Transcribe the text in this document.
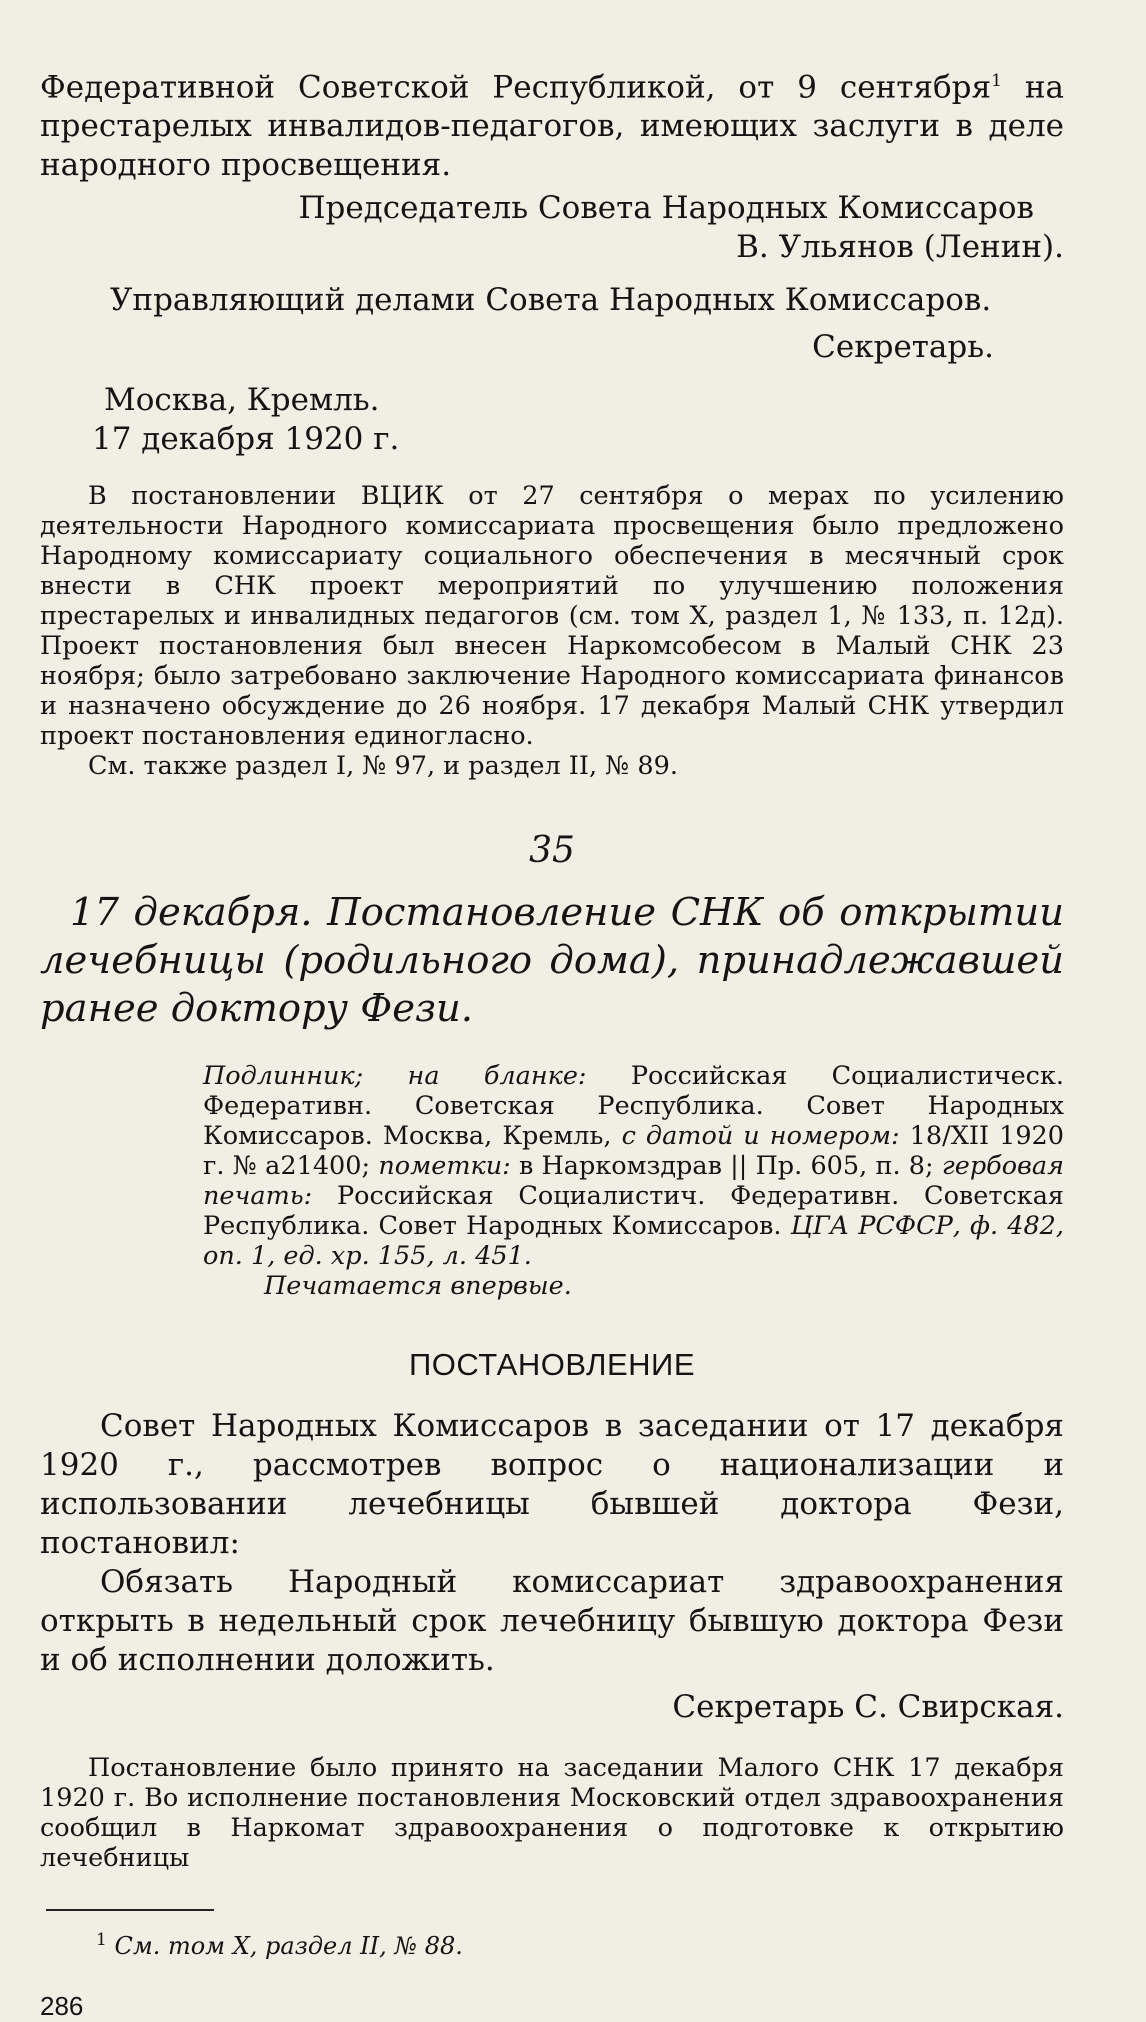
Федеративной Советской Республикой, от 9 сентября$^1$ на престарелых инвалидов-педагогов, имеющих заслуги в деле народного просвещения.

Председатель Совета Народных Комиссаров

В. Ульянов (Ленин).

Управляющий делами Совета Народных Комиссаров.

Секретарь.

Москва, Кремль.

17 декабря 1920 г.

В постановлении ВЦИК от 27 сентября о мерах по усилению деятельности Народного комиссариата просвещения было предложено Народному комиссариату социального обеспечения в месячный срок внести в СНК проект мероприятий по улучшению положения престарелых и инвалидных педагогов (см. том X, раздел 1, № 133, п. 12д). Проект постановления был внесен Наркомсобесом в Малый СНК 23 ноября; было затребовано заключение Народного комиссариата финансов и назначено обсуждение до 26 ноября. 17 декабря Малый СНК утвердил проект постановления единогласно.

См. также раздел I, № 97, и раздел II, № 89.

35

17 декабря. Постановление СНК об открытии лечебницы (родильного дома), принадлежавшей ранее доктору Фези.

Подлинник; на бланке: Российская Социалистическ. Федеративн. Советская Республика. Совет Народных Комиссаров. Москва, Кремль, с датой и номером: 18/XII 1920 г. № а21400; пометки: в Наркомздрав || Пр. 605, п. 8; гербовая печать: Российская Социалистич. Федеративн. Советская Республика. Совет Народных Комиссаров. ЦГА РСФСР, ф. 482, оп. 1, ед. хр. 155, л. 451.

Печатается впервые.

ПОСТАНОВЛЕНИЕ

Совет Народных Комиссаров в заседании от 17 декабря 1920 г., рассмотрев вопрос о национализации и использовании лечебницы бывшей доктора Фези, постановил:

Обязать Народный комиссариат здравоохранения открыть в недельный срок лечебницу бывшую доктора Фези и об исполнении доложить.

Секретарь С. Свирская.

Постановление было принято на заседании Малого СНК 17 декабря 1920 г. Во исполнение постановления Московский отдел здравоохранения сообщил в Наркомат здравоохранения о подготовке к открытию лечебницы

$^1$ См. том X, раздел II, № 88.

286
